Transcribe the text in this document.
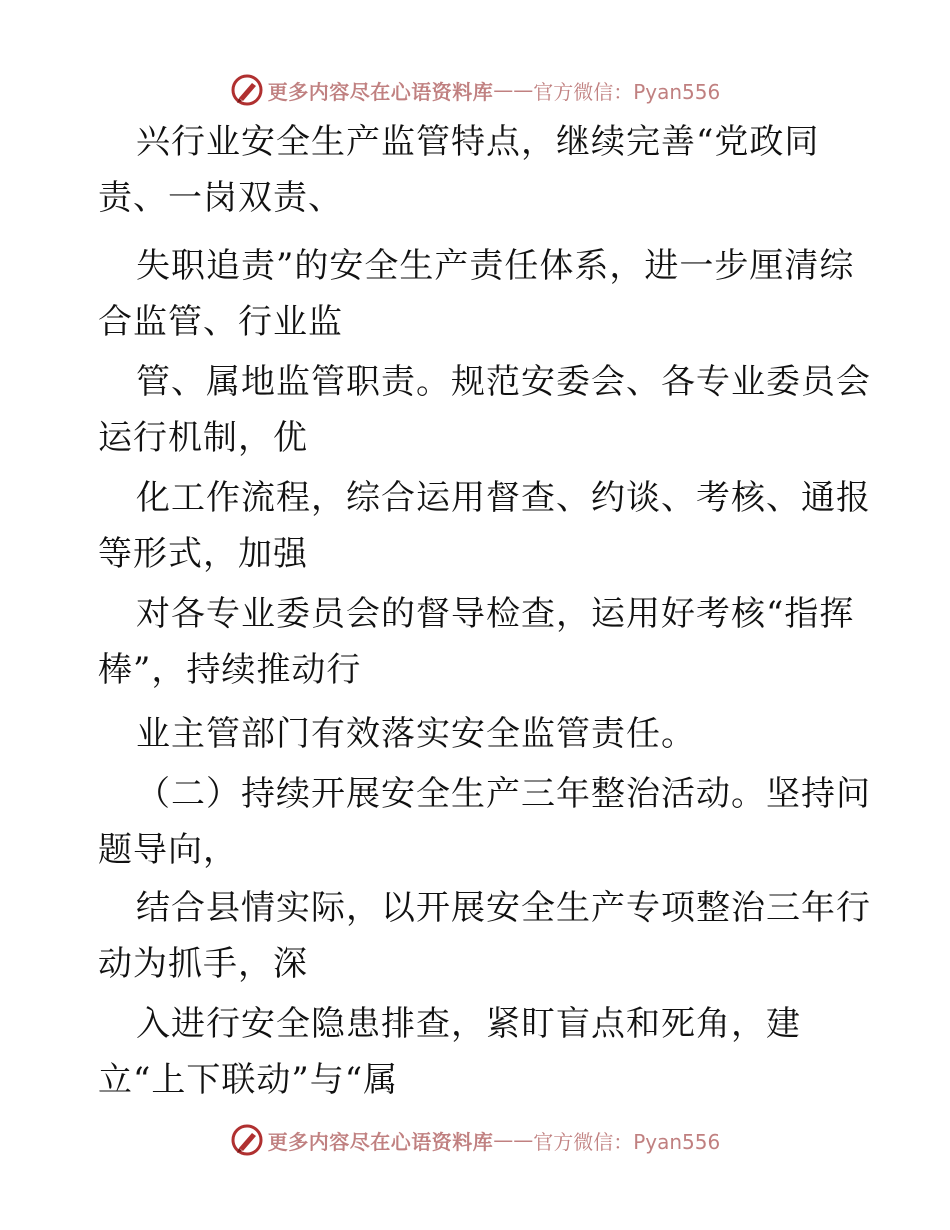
更多内容尽在心语资料库 —— 官方微信：Pyan556
兴行业安全生产监管特点，继续完善“党政同
责、一岗双责、
失职追责”的安全生产责任体系，进一步厘清综
合监管、行业监
管、属地监管职责。规范安委会、各专业委员会
运行机制，优
化工作流程，综合运用督查、约谈、考核、通报
等形式，加强
对各专业委员会的督导检查，运用好考核“指挥
棒”，持续推动行
业主管部门有效落实安全监管责任。
（二）持续开展安全生产三年整治活动。坚持问
题导向，
结合县情实际，以开展安全生产专项整治三年行
动为抓手，深
入进行安全隐患排查，紧盯盲点和死角，建
立“上下联动”与“属
更多内容尽在心语资料库 —— 官方微信：Pyan556
